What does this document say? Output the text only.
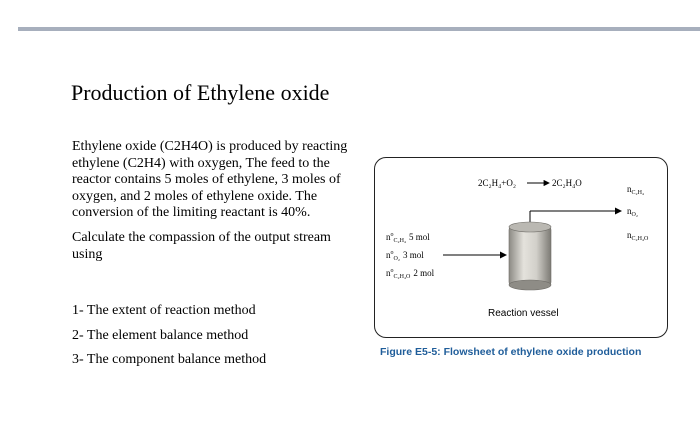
Production of Ethylene oxide

Ethylene oxide (C2H4O) is produced by reacting ethylene (C2H4) with oxygen, The feed to the reactor contains 5 moles of ethylene, 3 moles of oxygen, and 2 moles of ethylene oxide. The conversion of the limiting reactant is 40%.

Calculate the compassion of the output stream using

1- The extent of reaction method
2- The element balance method
3- The component balance method
2C₂H₄+O₂	2C₂H₄O
$n_{C_2H_4}$
$n_{O_2}$
$n_{C_2H_4O}$
$n^o_{C_2H_4}$ 5 mol
$n^o_{O_2}$ 3 mol
$n^o_{C_2H_4O}$ 2 mol
Reaction vessel
Figure E5-5: Flowsheet of ethylene oxide production
